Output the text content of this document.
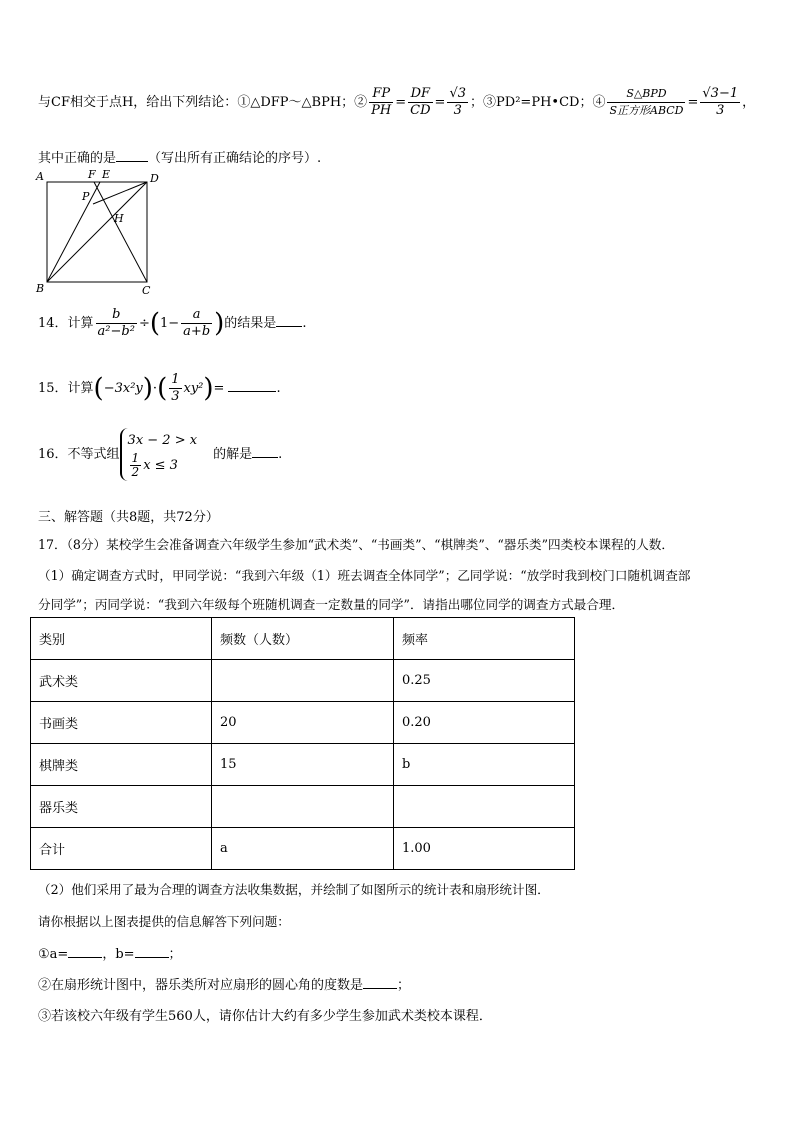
与CF相交于点H，给出下列结论：①△DFP～△BPH；② $\frac{FP}{PH} = \frac{DF}{CD} = \frac{√3}{3}$ ；③PD²=PH•CD；④ $\frac{\text{S△BPD}}{\text{S正方形ABCD}} = \frac{√3-1}{3}$ ，
其中正确的是 （写出所有正确结论的序号）.
A	F E	D
P
H
B	C
14．计算 $\frac{b}{\text{a²−b²}} \div(1- \frac{a}{a+b}$ )的结果是 .
15．计算$(-3x^2y)\cdot( \frac{1}{3} xy^2)=$	.
16．不等式组
3x − 2 > x
$\frac{1}{2}$ x ≤ 3
的解是 .
三、解答题（共8题，共72分）
17．（8分）某校学生会准备调查六年级学生参加“武术类”、“书画类”、“棋牌类”、“器乐类”四类校本课程的人数．
（1）确定调查方式时，甲同学说：“我到六年级（1）班去调查全体同学”；乙同学说：“放学时我到校门口随机调查部
分同学”；丙同学说：“我到六年级每个班随机调查一定数量的同学”．请指出哪位同学的调查方式最合理．
类别	频数（人数）	频率
武术类		0.25
书画类	20	0.20
棋牌类	15	b
器乐类		
合计	a	1.00
（2）他们采用了最为合理的调查方法收集数据，并绘制了如图所示的统计表和扇形统计图．
请你根据以上图表提供的信息解答下列问题：
①a=	，b=	；
②在扇形统计图中，器乐类所对应扇形的圆心角的度数是	；
③若该校六年级有学生560人，请你估计大约有多少学生参加武术类校本课程．
